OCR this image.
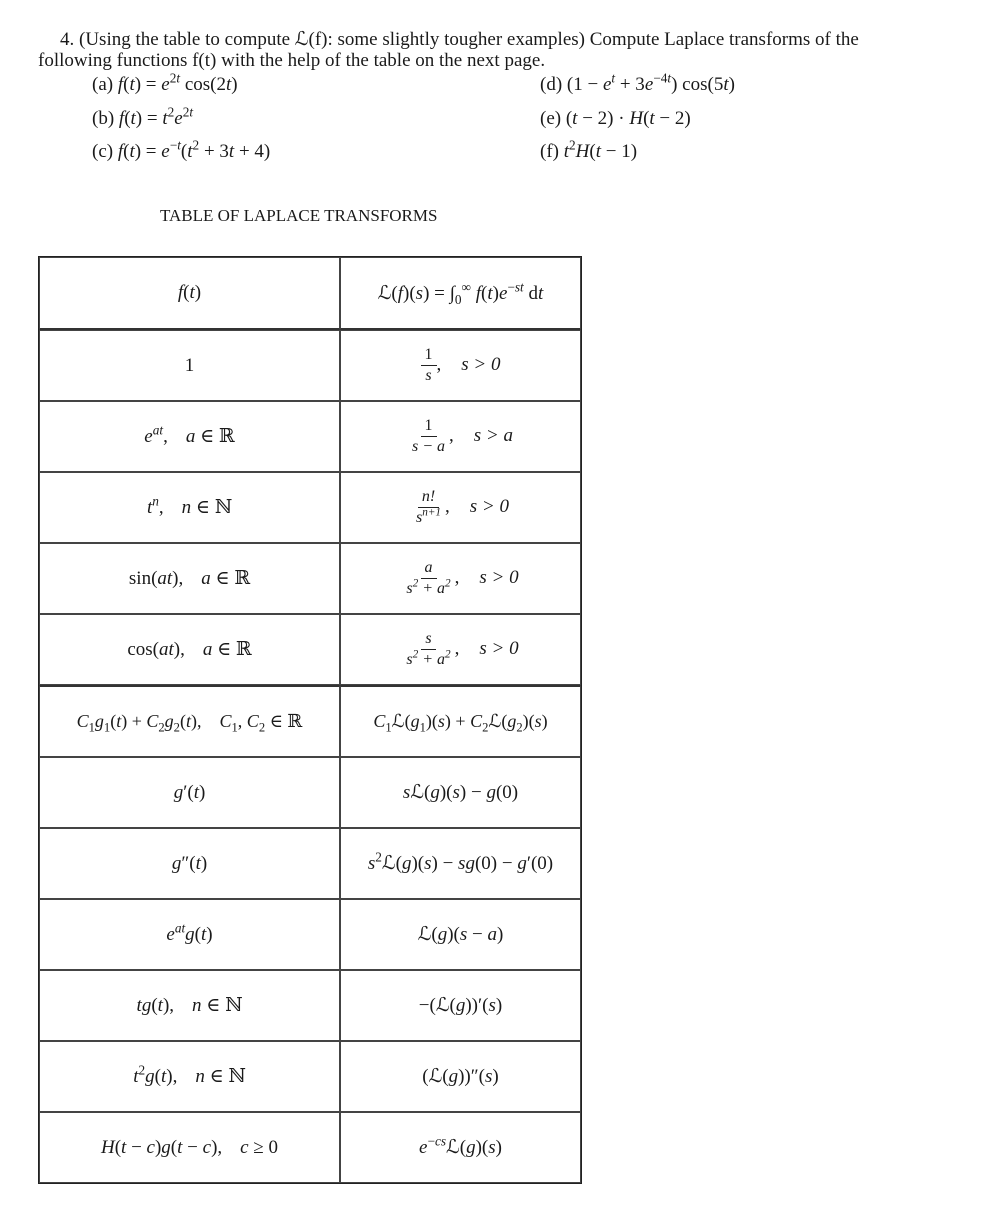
4. (Using the table to compute ℒ(f): some slightly tougher examples) Compute Laplace transforms of the
following functions f(t) with the help of the table on the next page.
(a) $f(t) = e^{2t}$ cos(2t)
(b) $f(t) = t^2e^{2t}$
(c) $f(t) = e^{-t}(t^2 + 3t + 4)$
(d) $(1 - e^t + 3e^{-4t})$ cos(5t)
(e) (t − 2) · H(t − 2)
(f) $t^2H(t - 1)$
TABLE OF LAPLACE TRANSFORMS
f(t)	ℒ(f)(s) = $\int_0^\infty$ $f(t)e^{-st}$ dt
1	$\frac{1}{s}$ , s > 0
$e^{at}$, a ∈ ℝ	$\frac{1}{s - a}$ , s > a
$t^n$, n ∈ ℕ	$\frac{n!}{s^{n+1}}$ , s > 0
sin(at), a ∈ ℝ	$\frac{a}{s^2 + a^2}$ , s > 0
cos(at), a ∈ ℝ	$\frac{s}{s^2 + a^2}$ , s > 0
$C_1g_1(t) + C_2g_2(t)$, $C_1$, $C_2$ ∈ ℝ	$C_1ℒ(g_1)(s)$ + $C_2ℒ(g_2)(s)$
g′(t)	sℒ(g)(s) − g(0)
g″(t)	$s^2ℒ(g)(s) - sg(0) - g'(0)$
$e^{at}g(t)$	ℒ(g)(s − a)
tg(t), n ∈ ℕ	−(ℒ(g))′(s)
$t^2g(t)$, n ∈ ℕ	(ℒ(g))″(s)
H(t − c)g(t − c), c ≥ 0	$e^{-cs}ℒ(g)(s)$
